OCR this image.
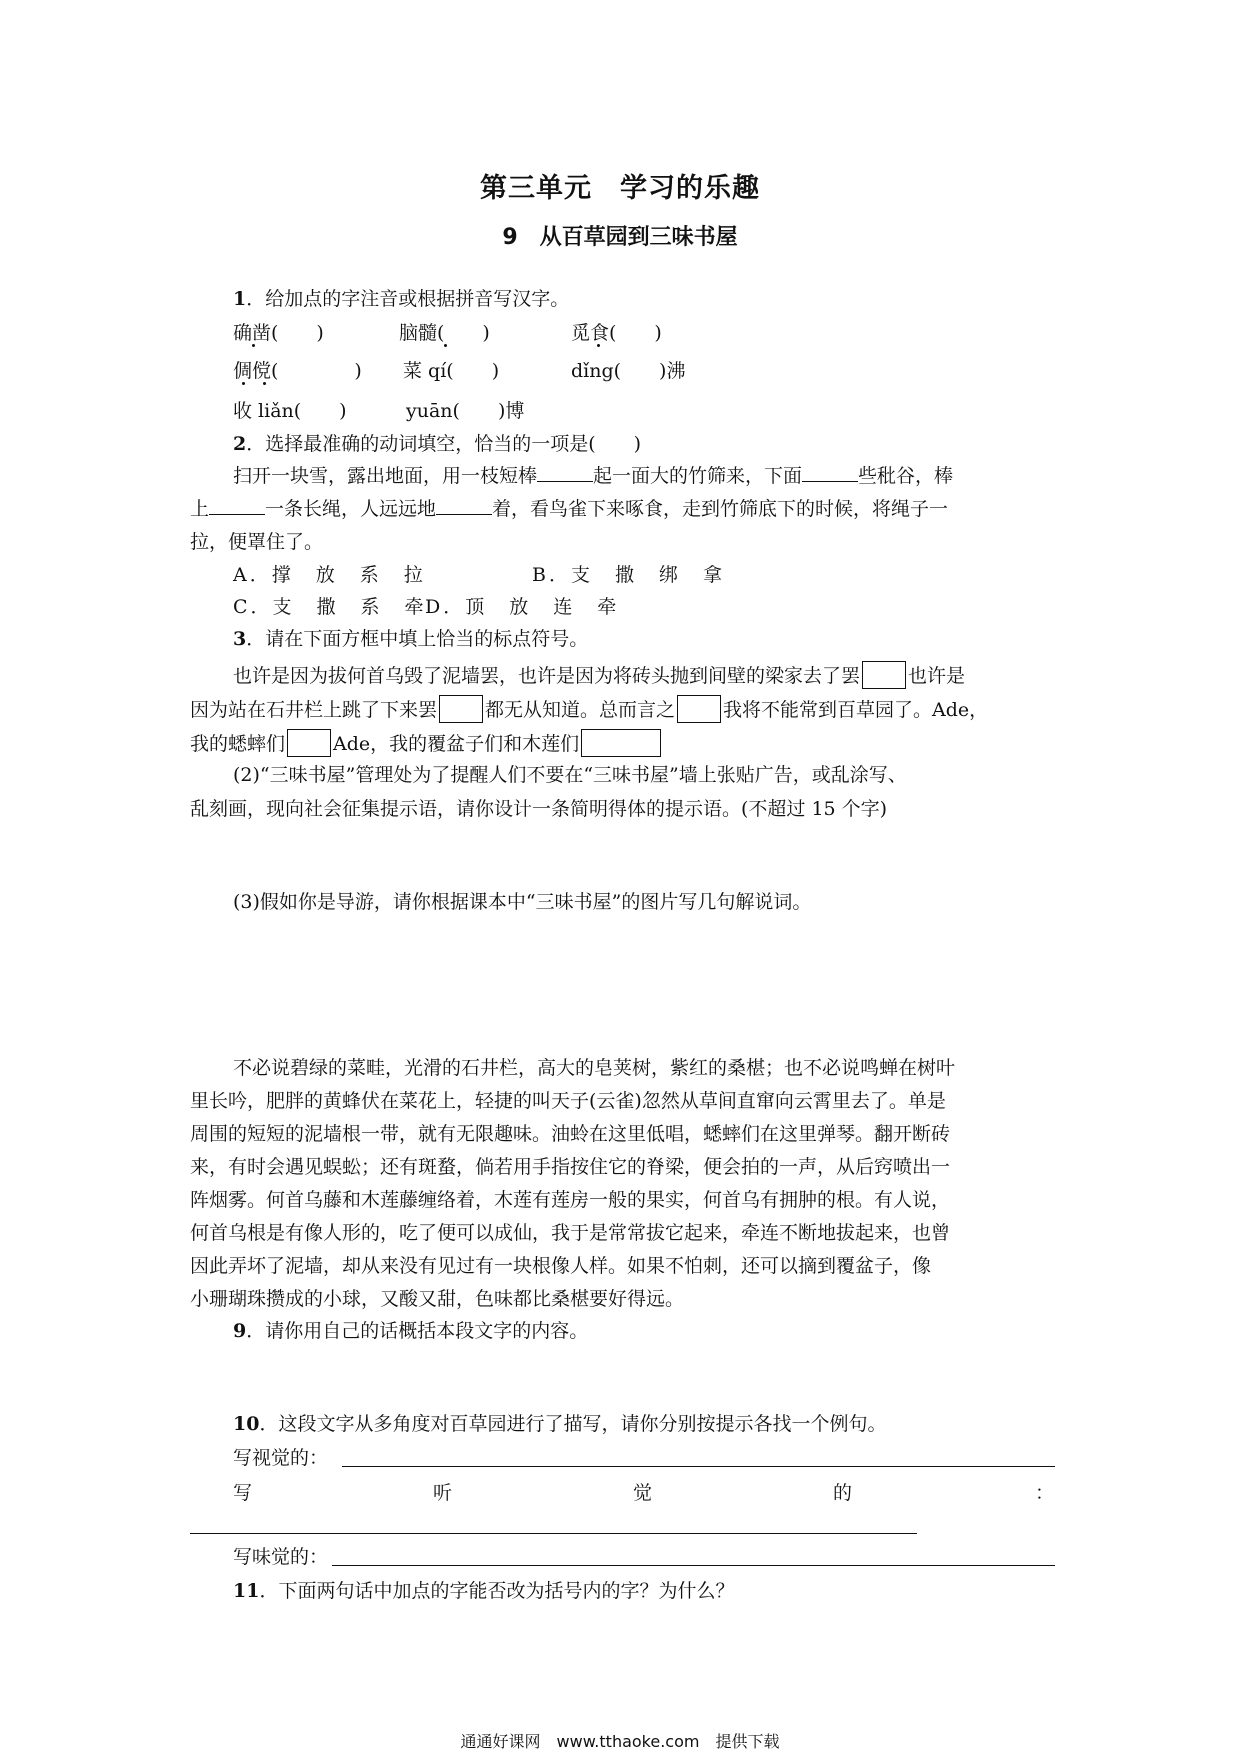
第三单元　学习的乐趣
9　从百草园到三味书屋
1．给加点的字注音或根据拼音写汉字。
确凿(　　)	脑髓(　　)	觅食(　　)
倜傥(　　　　) 菜 qí(　　)	dǐng(　　)沸
收 liǎn(　　)	yuān(　　)博
2．选择最准确的动词填空，恰当的一项是(　　)
扫开一块雪，露出地面，用一枝短棒	起一面大的竹筛来，下面	些秕谷，棒
上	一条长绳，人远远地	着，看鸟雀下来啄食，走到竹筛底下的时候，将绳子一
拉，便罩住了。
A．撑　放　系　拉	B．支　撒　绑　拿
C．支　撒　系　牵
D．顶　放　连　牵
3．请在下面方框中填上恰当的标点符号。
也许是因为拔何首乌毁了泥墙罢，也许是因为将砖头抛到间壁的梁家去了罢	也许是
因为站在石井栏上跳了下来罢	都无从知道。总而言之	我将不能常到百草园了。Ade，
我的蟋蟀们	Ade，我的覆盆子们和木莲们
(2)“三味书屋”管理处为了提醒人们不要在“三味书屋”墙上张贴广告，或乱涂写、
乱刻画，现向社会征集提示语，请你设计一条简明得体的提示语。(不超过 15 个字)
(3)假如你是导游，请你根据课本中“三味书屋”的图片写几句解说词。
不必说碧绿的菜畦，光滑的石井栏，高大的皂荚树，紫红的桑椹；也不必说鸣蝉在树叶
里长吟，肥胖的黄蜂伏在菜花上，轻捷的叫天子(云雀)忽然从草间直窜向云霄里去了。单是
周围的短短的泥墙根一带，就有无限趣味。油蛉在这里低唱，蟋蟀们在这里弹琴。翻开断砖
来，有时会遇见蜈蚣；还有斑蝥，倘若用手指按住它的脊梁，便会拍的一声，从后窍喷出一
阵烟雾。何首乌藤和木莲藤缠络着，木莲有莲房一般的果实，何首乌有拥肿的根。有人说，
何首乌根是有像人形的，吃了便可以成仙，我于是常常拔它起来，牵连不断地拔起来，也曾
因此弄坏了泥墙，却从来没有见过有一块根像人样。如果不怕刺，还可以摘到覆盆子，像
小珊瑚珠攒成的小球，又酸又甜，色味都比桑椹要好得远。
9．请你用自己的话概括本段文字的内容。
10．这段文字从多角度对百草园进行了描写，请你分别按提示各找一个例句。
写视觉的：
写	听	觉	的	：
写味觉的：
11．下面两句话中加点的字能否改为括号内的字？为什么？
通通好课网　www.tthaoke.com　提供下载
